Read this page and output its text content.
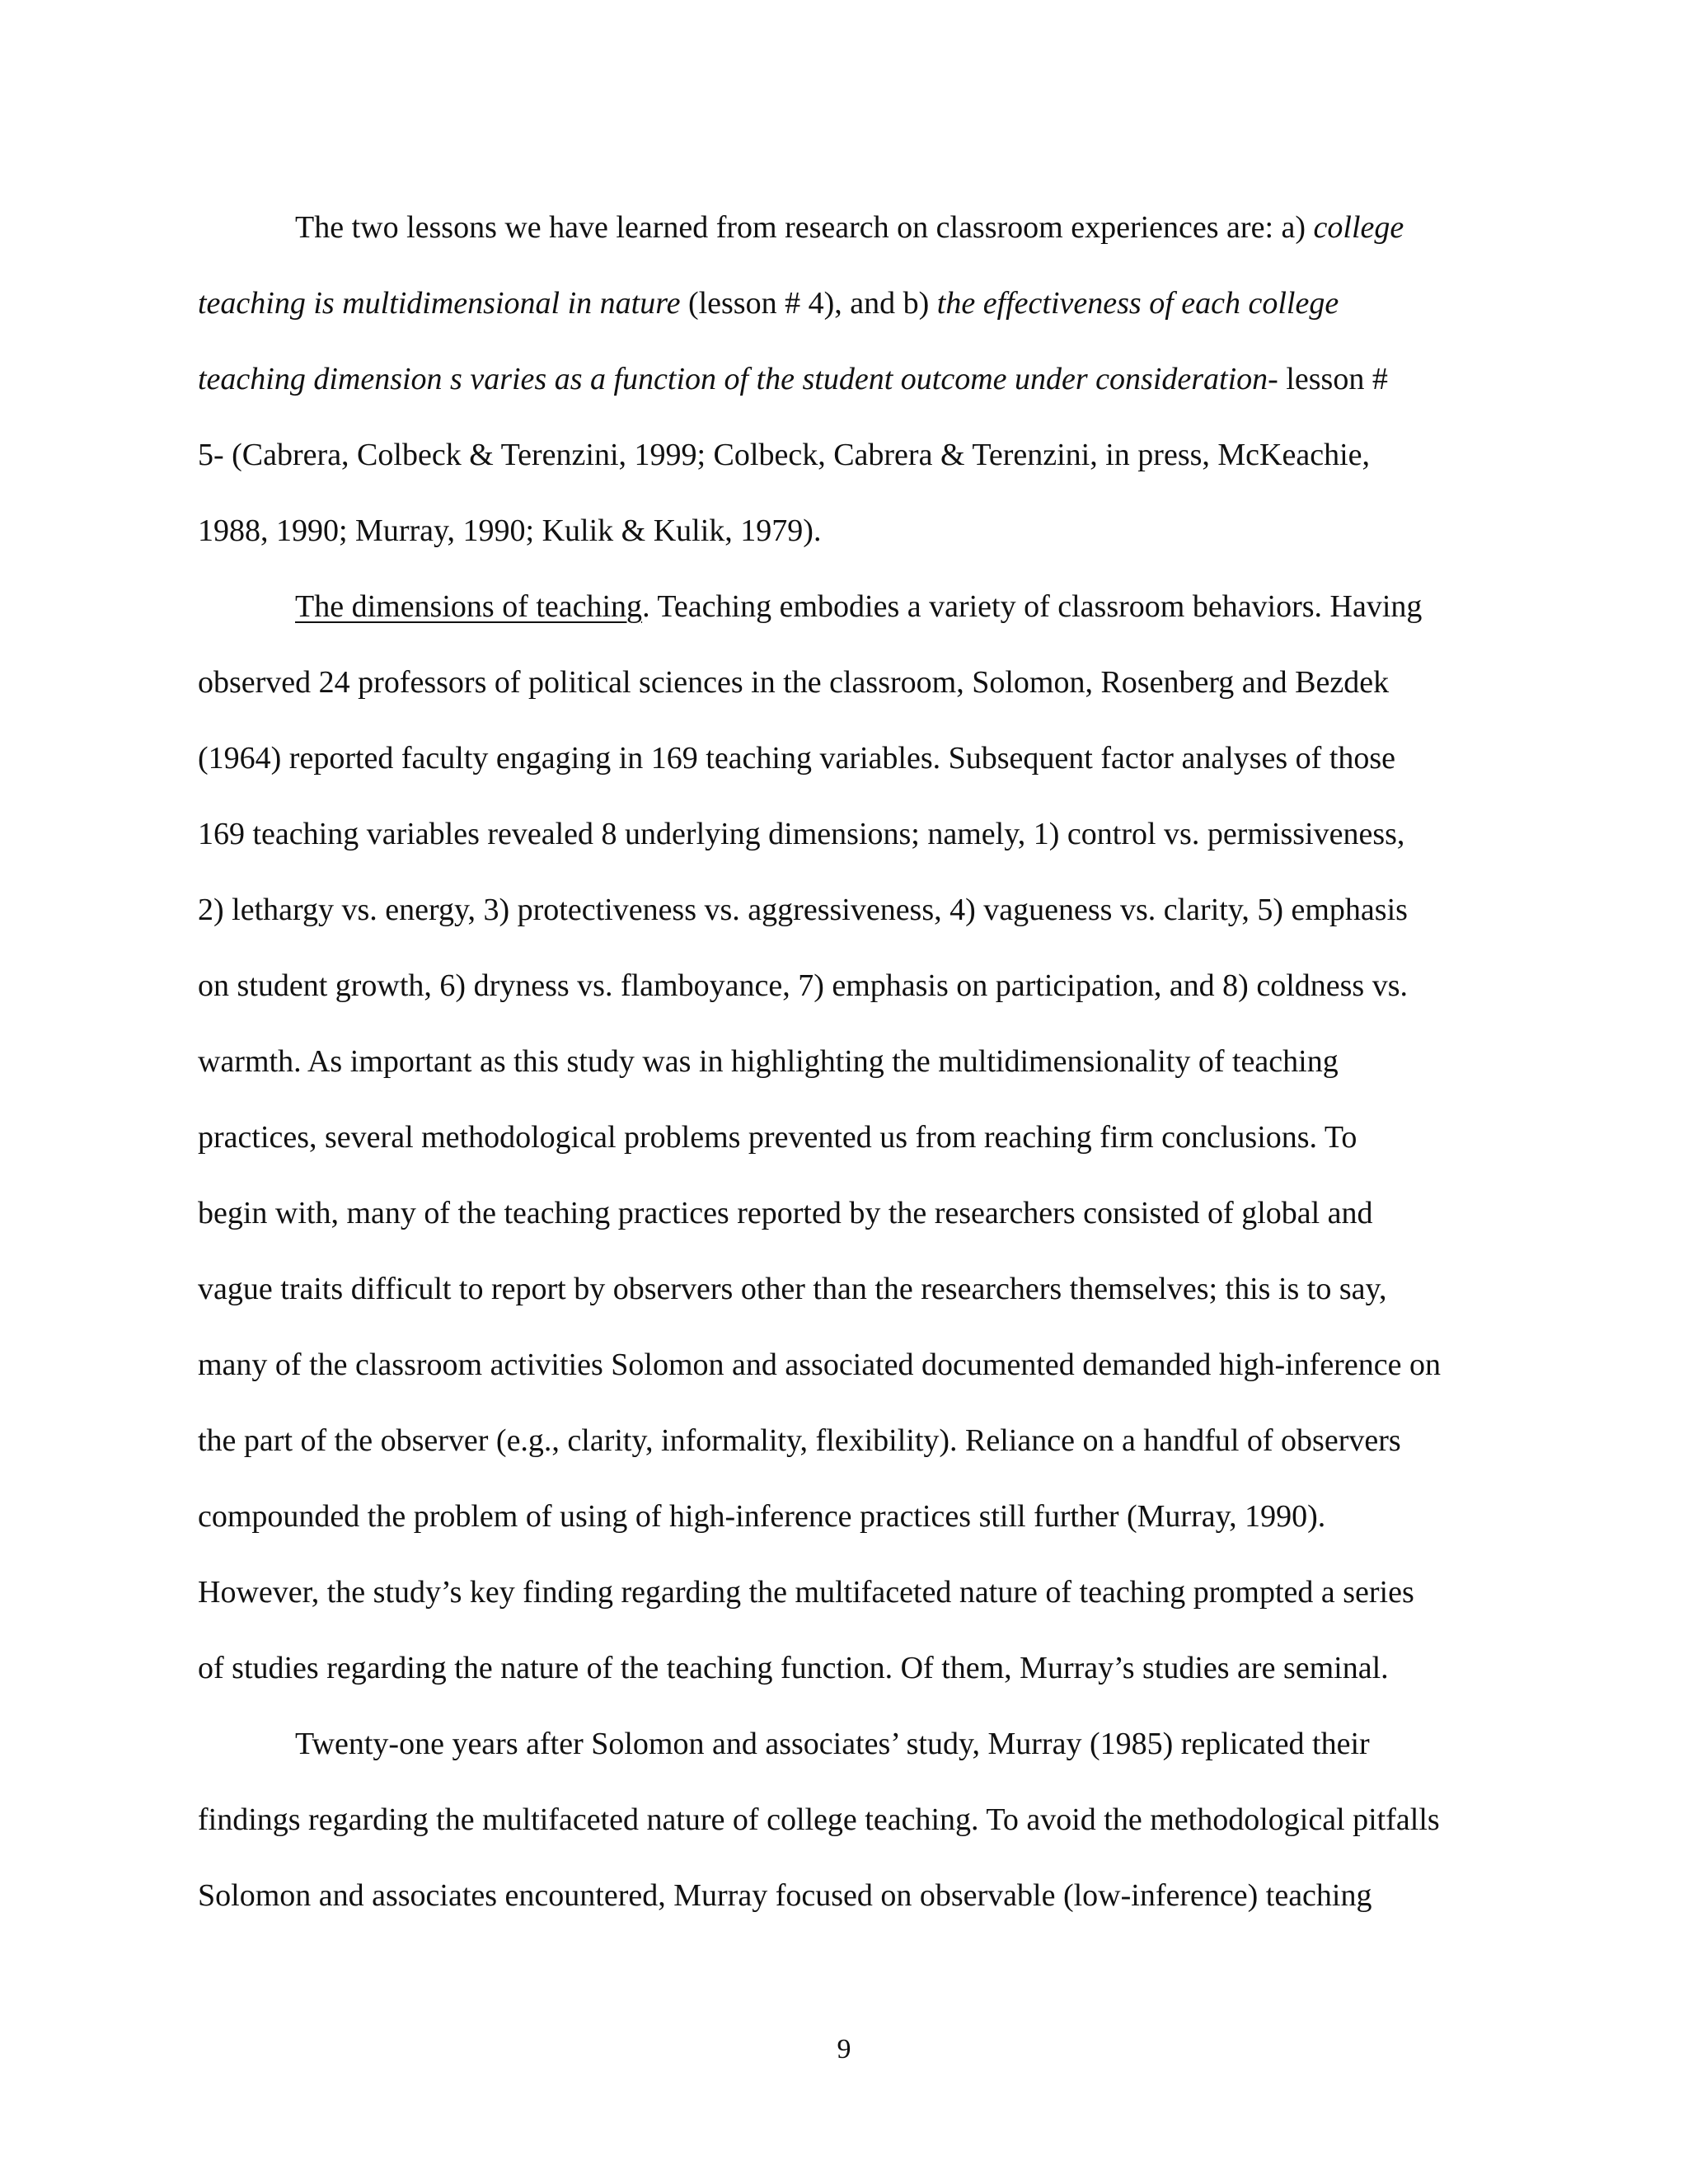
The two lessons we have learned from research on classroom experiences are: a) college
teaching is multidimensional in nature (lesson # 4), and b) the effectiveness of each college
teaching dimension s varies as a function of the student outcome under consideration- lesson #
5- (Cabrera, Colbeck & Terenzini, 1999; Colbeck, Cabrera & Terenzini, in press, McKeachie,
1988, 1990; Murray, 1990; Kulik & Kulik, 1979).
The dimensions of teaching. Teaching embodies a variety of classroom behaviors. Having
observed 24 professors of political sciences in the classroom, Solomon, Rosenberg and Bezdek
(1964) reported faculty engaging in 169 teaching variables. Subsequent factor analyses of those
169 teaching variables revealed 8 underlying dimensions; namely, 1) control vs. permissiveness,
2) lethargy vs. energy, 3) protectiveness vs. aggressiveness, 4) vagueness vs. clarity, 5) emphasis
on student growth, 6) dryness vs. flamboyance, 7) emphasis on participation, and 8) coldness vs.
warmth. As important as this study was in highlighting the multidimensionality of teaching
practices, several methodological problems prevented us from reaching firm conclusions. To
begin with, many of the teaching practices reported by the researchers consisted of global and
vague traits difficult to report by observers other than the researchers themselves; this is to say,
many of the classroom activities Solomon and associated documented demanded high-inference on
the part of the observer (e.g., clarity, informality, flexibility). Reliance on a handful of observers
compounded the problem of using of high-inference practices still further (Murray, 1990).
However, the study’s key finding regarding the multifaceted nature of teaching prompted a series
of studies regarding the nature of the teaching function. Of them, Murray’s studies are seminal.
Twenty-one years after Solomon and associates’ study, Murray (1985) replicated their
findings regarding the multifaceted nature of college teaching. To avoid the methodological pitfalls
Solomon and associates encountered, Murray focused on observable (low-inference) teaching
9
